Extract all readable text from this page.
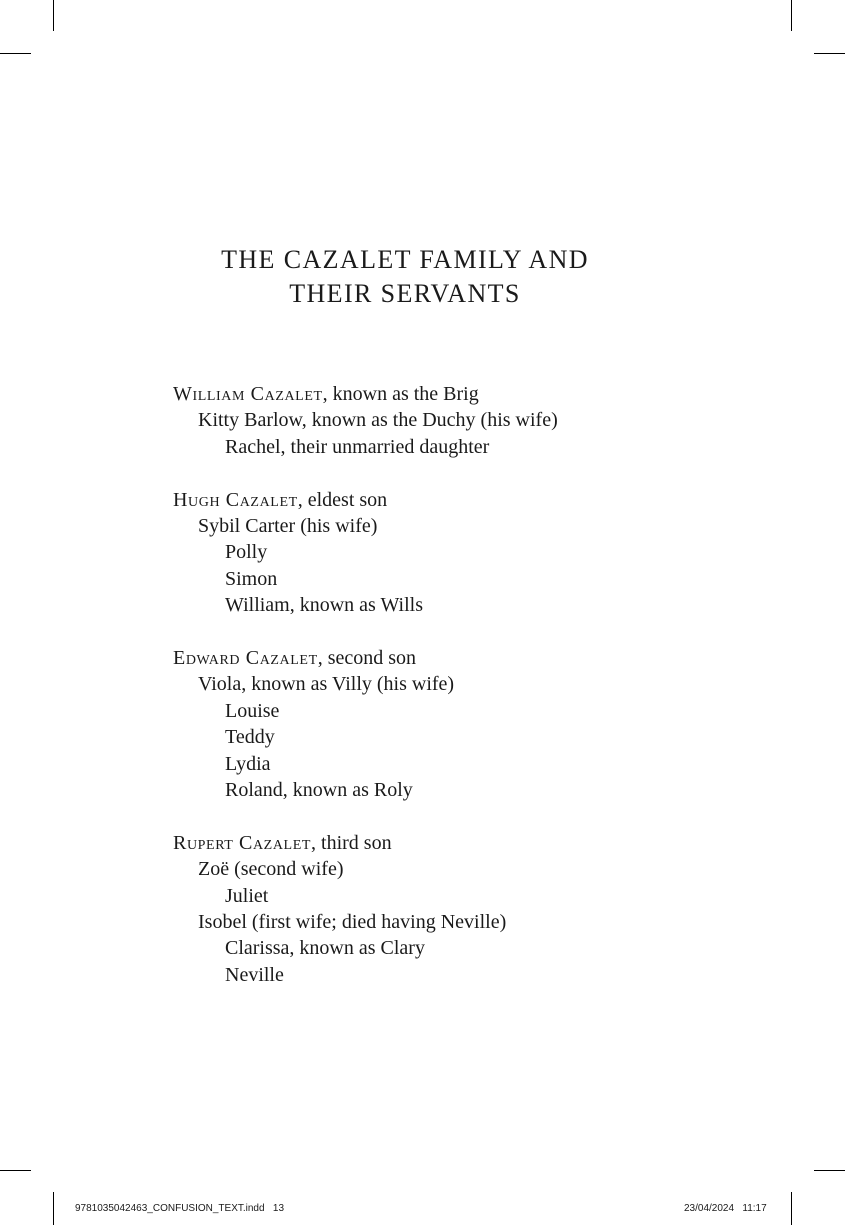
THE CAZALET FAMILY AND
THEIR SERVANTS
William Cazalet, known as the Brig
Kitty Barlow, known as the Duchy (his wife)
Rachel, their unmarried daughter
Hugh Cazalet, eldest son
Sybil Carter (his wife)
Polly
Simon
William, known as Wills
Edward Cazalet, second son
Viola, known as Villy (his wife)
Louise
Teddy
Lydia
Roland, known as Roly
Rupert Cazalet, third son
Zoë (second wife)
Juliet
Isobel (first wife; died having Neville)
Clarissa, known as Clary
Neville
9781035042463_CONFUSION_TEXT.indd   13	23/04/2024   11:17
